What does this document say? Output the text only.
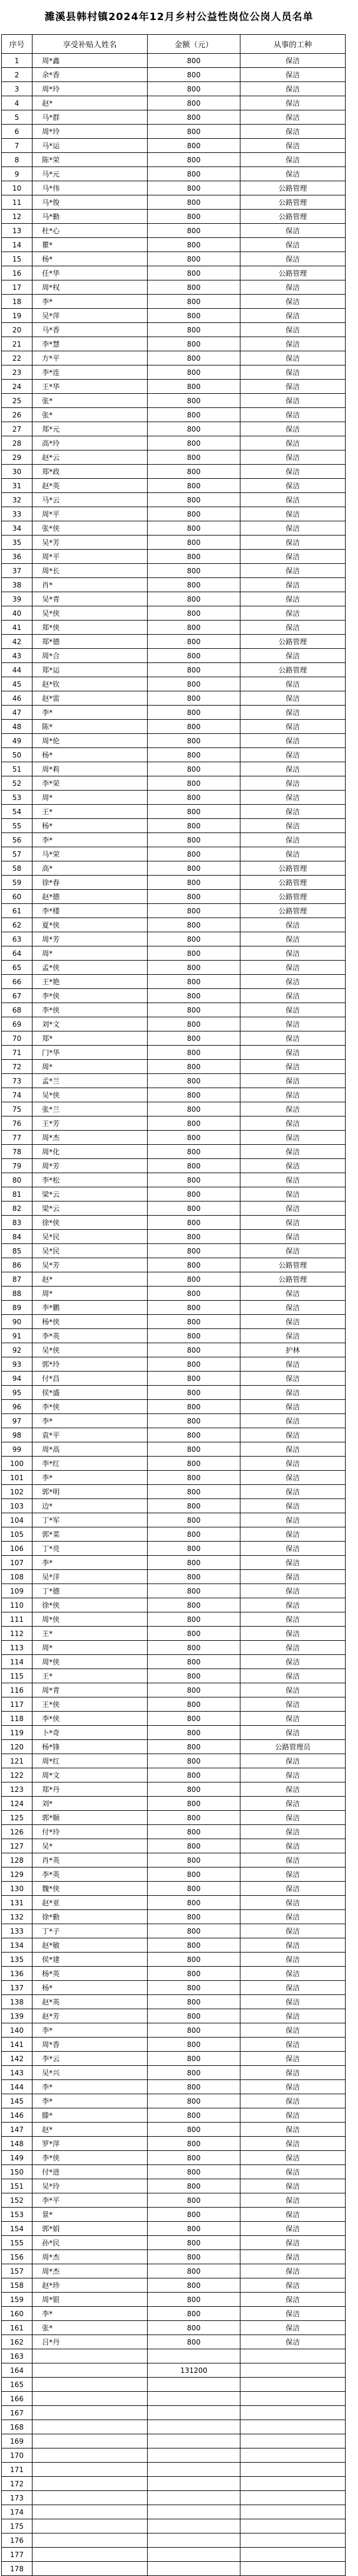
濉溪县韩村镇2024年12月乡村公益性岗位公岗人员名单
序号	享受补贴人姓名	金额（元）	从事的工种
1	周*鑫	800	保洁
2	余*香	800	保洁
3	周*玲	800	保洁
4	赵*	800	保洁
5	马*群	800	保洁
6	周*玲	800	保洁
7	马*运	800	保洁
8	陈*荣	800	保洁
9	马*元	800	保洁
10	马*伟	800	公路管理
11	马*俊	800	公路管理
12	马*勤	800	公路管理
13	杜*心	800	保洁
14	瞿*	800	保洁
15	杨*	800	保洁
16	任*华	800	公路管理
17	周*权	800	保洁
18	李*	800	保洁
19	吴*萍	800	保洁
20	马*香	800	保洁
21	李*慧	800	保洁
22	方*平	800	保洁
23	李*连	800	保洁
24	王*华	800	保洁
25	张*	800	保洁
26	张*	800	保洁
27	郑*元	800	保洁
28	高*玲	800	保洁
29	赵*云	800	保洁
30	郑*政	800	保洁
31	赵*英	800	保洁
32	马*云	800	保洁
33	周*平	800	保洁
34	张*侠	800	保洁
35	吴*芳	800	保洁
36	周*平	800	保洁
37	周*长	800	保洁
38	肖*	800	保洁
39	吴*青	800	保洁
40	吴*侠	800	保洁
41	郑*侠	800	保洁
42	郑*德	800	公路管理
43	周*合	800	保洁
44	郑*运	800	公路管理
45	赵*钦	800	保洁
46	赵*雷	800	保洁
47	李*	800	保洁
48	陈*	800	保洁
49	周*伦	800	保洁
50	杨*	800	保洁
51	周*莉	800	保洁
52	李*荣	800	保洁
53	周*	800	保洁
54	王*	800	保洁
55	杨*	800	保洁
56	李*	800	保洁
57	马*荣	800	保洁
58	高*	800	公路管理
59	徐*春	800	公路管理
60	赵*德	800	公路管理
61	李*楼	800	公路管理
62	夏*侠	800	保洁
63	周*芳	800	保洁
64	周*	800	保洁
65	孟*侠	800	保洁
66	王*艳	800	保洁
67	李*侠	800	保洁
68	李*侠	800	保洁
69	刘*文	800	保洁
70	郑*	800	保洁
71	门*华	800	保洁
72	周*	800	保洁
73	孟*兰	800	保洁
74	吴*侠	800	保洁
75	张*兰	800	保洁
76	王*芳	800	保洁
77	周*杰	800	保洁
78	周*化	800	保洁
79	周*芳	800	保洁
80	李*松	800	保洁
81	梁*云	800	保洁
82	梁*云	800	保洁
83	徐*侠	800	保洁
84	吴*民	800	保洁
85	吴*民	800	保洁
86	吴*芳	800	公路管理
87	赵*	800	公路管理
88	周*	800	保洁
89	李*鹏	800	保洁
90	杨*侠	800	保洁
91	李*英	800	保洁
92	吴*侠	800	护林
93	郭*玲	800	保洁
94	付*昌	800	保洁
95	侯*盛	800	保洁
96	李*侠	800	保洁
97	李*	800	保洁
98	袁*平	800	保洁
99	周*高	800	保洁
100	李*红	800	保洁
101	李*	800	保洁
102	郭*明	800	保洁
103	边*	800	保洁
104	丁*军	800	保洁
105	郭*菜	800	保洁
106	丁*亮	800	保洁
107	李*	800	保洁
108	吴*洋	800	保洁
109	丁*德	800	保洁
110	徐*侠	800	保洁
111	周*侠	800	保洁
112	王*	800	保洁
113	周*	800	保洁
114	周*侠	800	保洁
115	王*	800	保洁
116	周*青	800	保洁
117	王*侠	800	保洁
118	李*侠	800	保洁
119	卜*奇	800	保洁
120	杨*锋	800	公路管理员
121	周*红	800	保洁
122	周*文	800	保洁
123	郑*丹	800	保洁
124	刘*	800	保洁
125	郭*顺	800	保洁
126	付*玲	800	保洁
127	吴*	800	保洁
128	肖*英	800	保洁
129	李*英	800	保洁
130	魏*侠	800	保洁
131	赵*亚	800	保洁
132	徐*勤	800	保洁
133	丁*子	800	保洁
134	赵*敏	800	保洁
135	侯*建	800	保洁
136	杨*英	800	保洁
137	杨*	800	保洁
138	赵*英	800	保洁
139	赵*芳	800	保洁
140	李*	800	保洁
141	周*香	800	保洁
142	李*云	800	保洁
143	吴*兴	800	保洁
144	李*	800	保洁
145	李*	800	保洁
146	滕*	800	保洁
147	赵*	800	保洁
148	罗*萍	800	保洁
149	李*侠	800	保洁
150	付*进	800	保洁
151	吴*玲	800	保洁
152	李*平	800	保洁
153	景*	800	保洁
154	郭*娟	800	保洁
155	孙*民	800	保洁
156	周*杰	800	保洁
157	周*杰	800	保洁
158	赵*珍	800	保洁
159	周*银	800	保洁
160	李*	800	保洁
161	张*	800	保洁
162	吕*丹	800	保洁
163			
164		131200	
165			
166			
167			
168			
169			
170			
171			
172			
173			
174			
175			
176			
177			
178			
